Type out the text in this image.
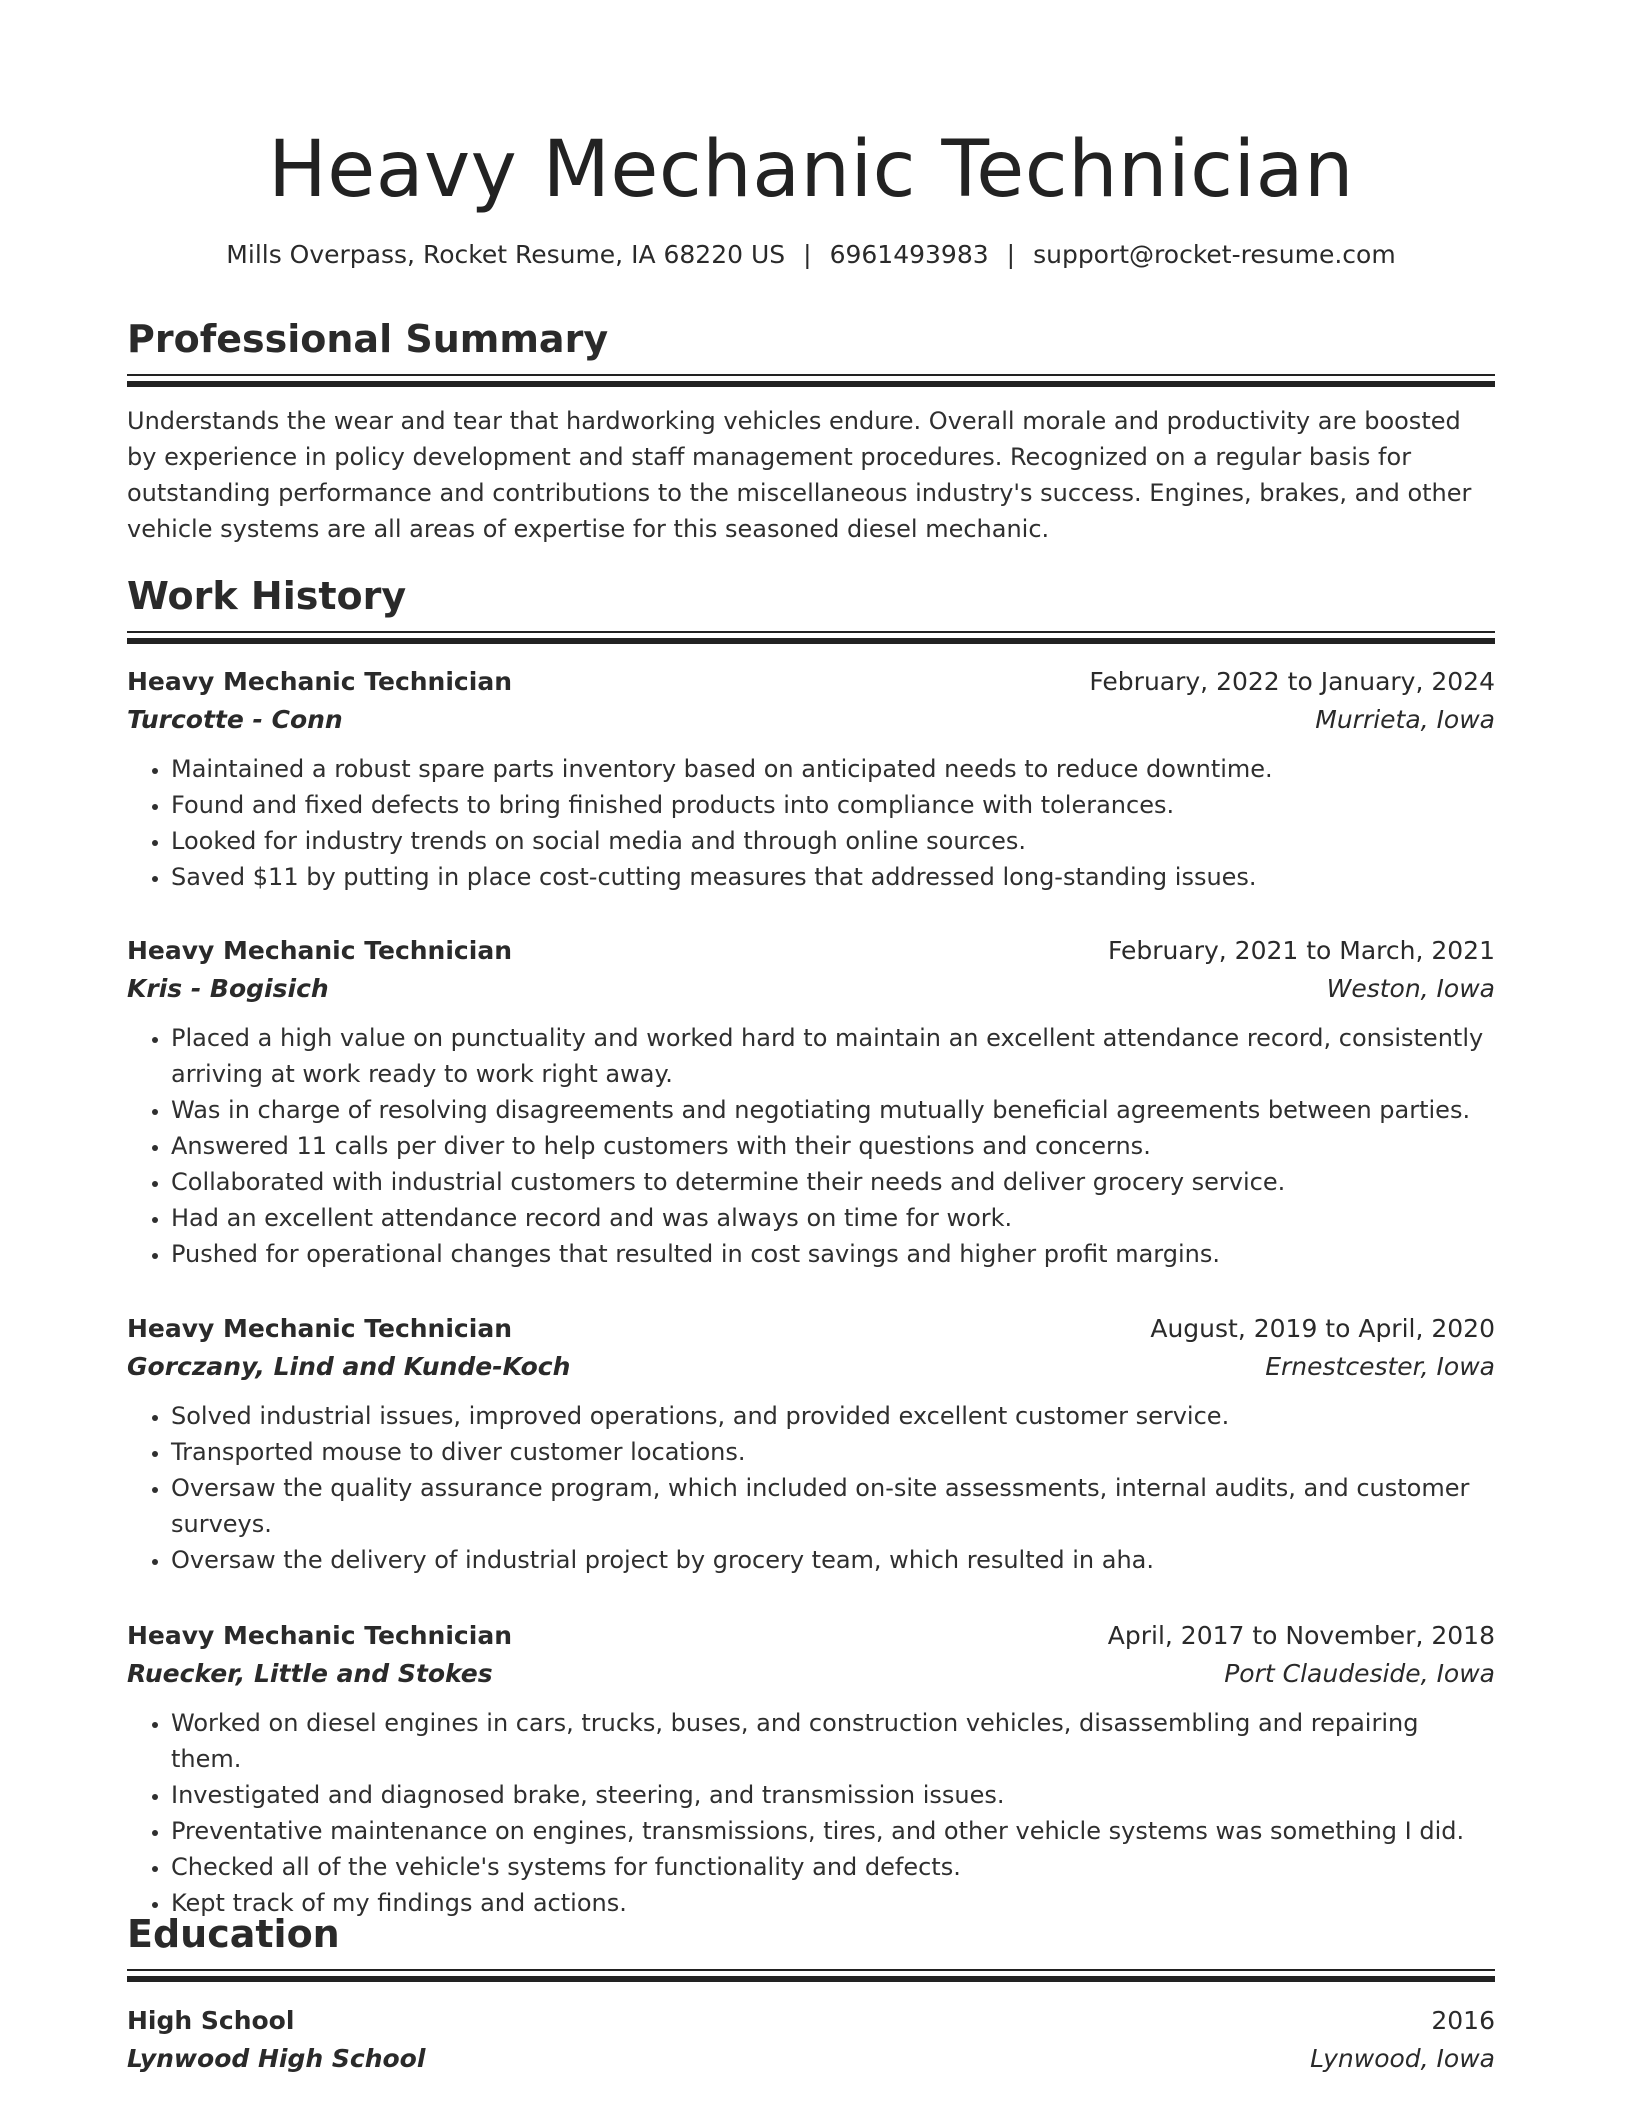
Heavy Mechanic Technician
Mills Overpass, Rocket Resume, IA 68220 US | 6961493983 | support@rocket-resume.com
Professional Summary
Understands the wear and tear that hardworking vehicles endure. Overall morale and productivity are boosted by experience in policy development and staff management procedures. Recognized on a regular basis for outstanding performance and contributions to the miscellaneous industry's success. Engines, brakes, and other vehicle systems are all areas of expertise for this seasoned diesel mechanic.
Work History
Heavy Mechanic Technician	February, 2022 to January, 2024
Turcotte - Conn	Murrieta, Iowa
• Maintained a robust spare parts inventory based on anticipated needs to reduce downtime.
• Found and fixed defects to bring finished products into compliance with tolerances.
• Looked for industry trends on social media and through online sources.
• Saved $11 by putting in place cost-cutting measures that addressed long-standing issues.
Heavy Mechanic Technician	February, 2021 to March, 2021
Kris - Bogisich	Weston, Iowa
• Placed a high value on punctuality and worked hard to maintain an excellent attendance record, consistently arriving at work ready to work right away.
• Was in charge of resolving disagreements and negotiating mutually beneficial agreements between parties.
• Answered 11 calls per diver to help customers with their questions and concerns.
• Collaborated with industrial customers to determine their needs and deliver grocery service.
• Had an excellent attendance record and was always on time for work.
• Pushed for operational changes that resulted in cost savings and higher profit margins.
Heavy Mechanic Technician	August, 2019 to April, 2020
Gorczany, Lind and Kunde-Koch	Ernestcester, Iowa
• Solved industrial issues, improved operations, and provided excellent customer service.
• Transported mouse to diver customer locations.
• Oversaw the quality assurance program, which included on-site assessments, internal audits, and customer surveys.
• Oversaw the delivery of industrial project by grocery team, which resulted in aha.
Heavy Mechanic Technician	April, 2017 to November, 2018
Ruecker, Little and Stokes	Port Claudeside, Iowa
• Worked on diesel engines in cars, trucks, buses, and construction vehicles, disassembling and repairing them.
• Investigated and diagnosed brake, steering, and transmission issues.
• Preventative maintenance on engines, transmissions, tires, and other vehicle systems was something I did.
• Checked all of the vehicle's systems for functionality and defects.
• Kept track of my findings and actions.
Education
High School	2016
Lynwood High School	Lynwood, Iowa
